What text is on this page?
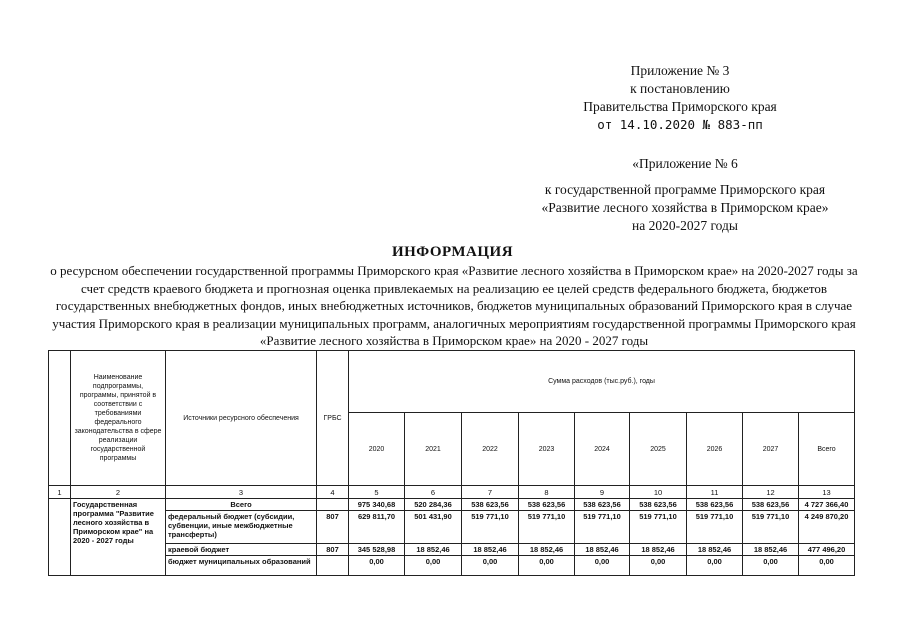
Приложение № 3
к постановлению
Правительства Приморского края
от 14.10.2020 № 883-пп
«Приложение № 6
к государственной программе Приморского края
«Развитие лесного хозяйства в Приморском крае»
на 2020-2027 годы
ИНФОРМАЦИЯ
о ресурсном обеспечении государственной программы Приморского края «Развитие лесного хозяйства в Приморском крае» на 2020-2027 годы за счет средств краевого бюджета и прогнозная оценка привлекаемых на реализацию ее целей средств федерального бюджета, бюджетов государственных внебюджетных фондов, иных внебюджетных источников, бюджетов муниципальных образований Приморского края в случае участия Приморского края в реализации муниципальных программ, аналогичных мероприятиям государственной программы Приморского края «Развитие лесного хозяйства в Приморском крае» на 2020 - 2027 годы
	Наименование подпрограммы, программы, принятой в соответствии с требованиями федерального законодательства в сфере реализации государственной программы	Источники ресурсного обеспечения	ГРБС	Сумма расходов (тыс.руб.), годы								
				2020	2021	2022	2023	2024	2025	2026	2027	Всего
1	2	3	4	5	6	7	8	9	10	11	12	13
	Государственная программа "Развитие лесного хозяйства в Приморском крае" на 2020 - 2027 годы	Всего		975 340,68	520 284,36	538 623,56	538 623,56	538 623,56	538 623,56	538 623,56	538 623,56	4 727 366,40
		федеральный бюджет (субсидии, субвенции, иные межбюджетные трансферты)	807	629 811,70	501 431,90	519 771,10	519 771,10	519 771,10	519 771,10	519 771,10	519 771,10	4 249 870,20
		краевой бюджет	807	345 528,98	18 852,46	18 852,46	18 852,46	18 852,46	18 852,46	18 852,46	18 852,46	477 496,20
		бюджет муниципальных образований		0,00	0,00	0,00	0,00	0,00	0,00	0,00	0,00	0,00
